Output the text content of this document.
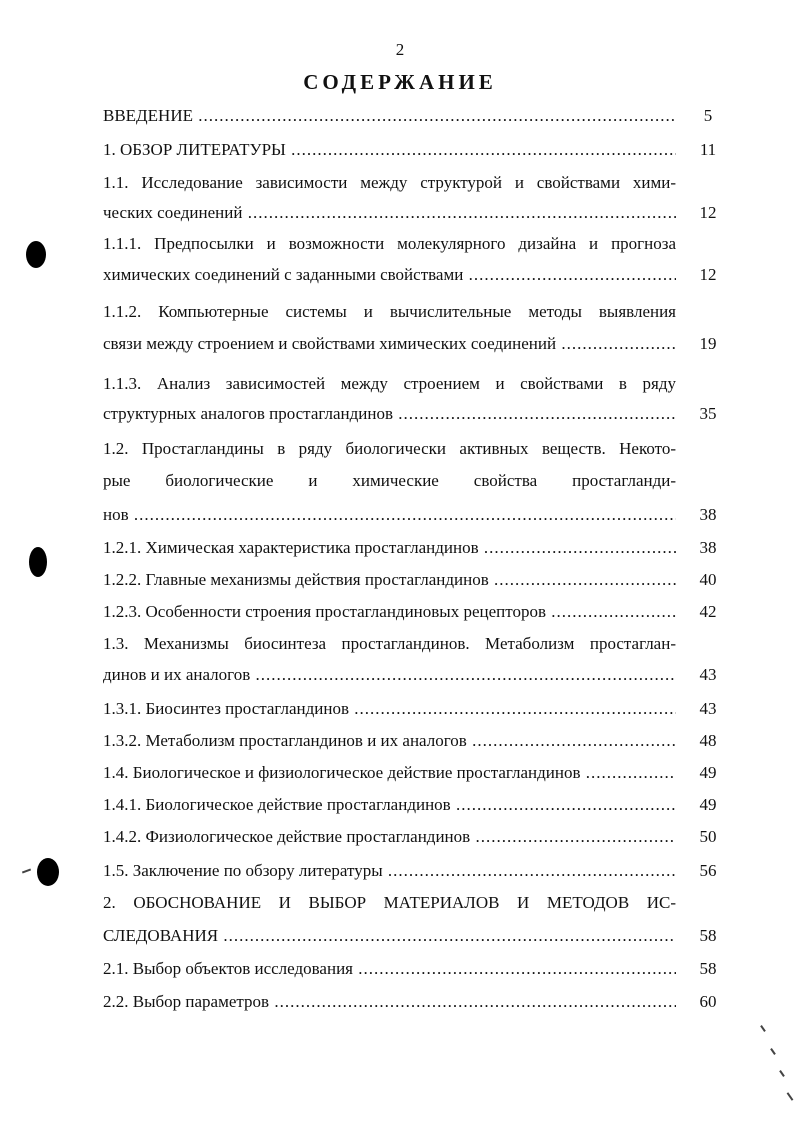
2
СОДЕРЖАНИЕ
ВВЕДЕНИЕ .....	5
1. ОБЗОР ЛИТЕРАТУРЫ .....	11
1.1. Исследование зависимости между структурой и свойствами хими-
ческих соединений .....	12
1.1.1. Предпосылки и возможности молекулярного дизайна и прогноза
химических соединений с заданными свойствами .....	12
1.1.2. Компьютерные системы и вычислительные методы выявления
связи между строением и свойствами химических соединений .....	19
1.1.3. Анализ зависимостей между строением и свойствами в ряду
структурных аналогов простагландинов .....	35
1.2. Простагландины в ряду биологически активных веществ. Некото-
рые биологические и химические свойства простагланди-
нов .....	38
1.2.1. Химическая характеристика простагландинов .....	38
1.2.2. Главные механизмы действия простагландинов .....	40
1.2.3. Особенности строения простагландиновых рецепторов .....	42
1.3. Механизмы биосинтеза простагландинов. Метаболизм простаглан-
динов и их аналогов .....	43
1.3.1. Биосинтез простагландинов .....	43
1.3.2. Метаболизм простагландинов и их аналогов .....	48
1.4. Биологическое и физиологическое действие простагландинов .....	49
1.4.1. Биологическое действие простагландинов .....	49
1.4.2. Физиологическое действие простагландинов .....	50
1.5. Заключение по обзору литературы .....	56
2. ОБОСНОВАНИЕ И ВЫБОР МАТЕРИАЛОВ И МЕТОДОВ ИС-
СЛЕДОВАНИЯ .....	58
2.1. Выбор объектов исследования .....	58
2.2. Выбор параметров .....	60
